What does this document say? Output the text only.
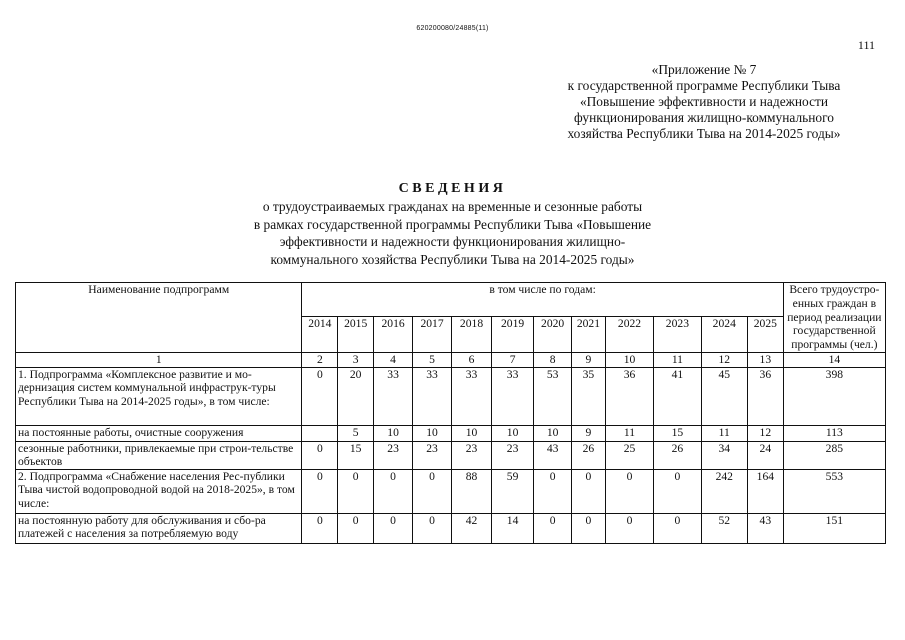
620200080/24885(11)
111
«Приложение № 7
к государственной программе Республики Тыва
«Повышение эффективности и надежности
функционирования жилищно-коммунального
хозяйства Республики Тыва на 2014-2025 годы»
СВЕДЕНИЯ
о трудоустраиваемых гражданах на временные и сезонные работы
в рамках государственной программы Республики Тыва «Повышение
эффективности и надежности функционирования жилищно-
коммунального хозяйства Республики Тыва на 2014-2025 годы»
Наименование подпрограмм	в том числе по годам:												Всего трудоустро-енных граждан в период реализации государственной программы (чел.)
	2014	2015	2016	2017	2018	2019	2020	2021	2022	2023	2024	2025	
1	2	3	4	5	6	7	8	9	10	11	12	13	14
1. Подпрограмма «Комплексное развитие и мо-дернизация систем коммунальной инфраструк-туры Республики Тыва на 2014-2025 годы», в том числе:	0	20	33	33	33	33	53	35	36	41	45	36	398
на постоянные работы, очистные сооружения		5	10	10	10	10	10	9	11	15	11	12	113
сезонные работники, привлекаемые при строи-тельстве объектов	0	15	23	23	23	23	43	26	25	26	34	24	285
2. Подпрограмма «Снабжение населения Рес-публики Тыва чистой водопроводной водой на 2018-2025», в том числе:	0	0	0	0	88	59	0	0	0	0	242	164	553
на постоянную работу для обслуживания и сбо-ра платежей с населения за потребляемую воду	0	0	0	0	42	14	0	0	0	0	52	43	151
